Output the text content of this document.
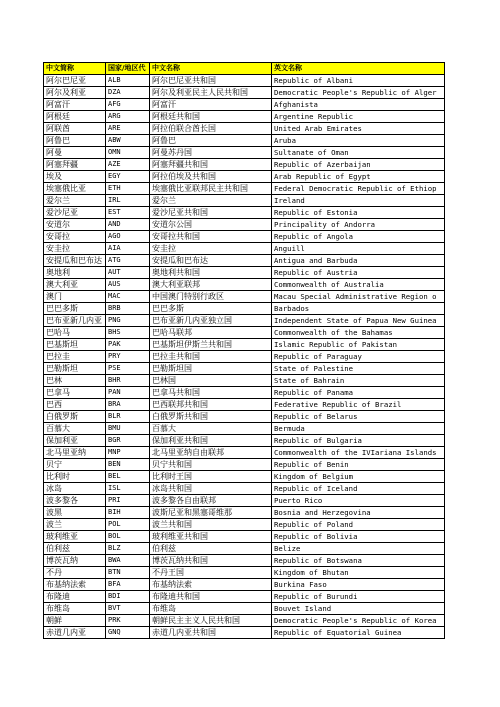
中文简称	国家/地区代	中文名称	英文名称
阿尔巴尼亚	ALB	阿尔巴尼亚共和国	Republic of Albani
阿尔及利亚	DZA	阿尔及利亚民主人民共和国	Democratic People's Republic of Alger
阿富汗	AFG	阿富汗	Afghanista
阿根廷	ARG	阿根廷共和国	Argentine Republic
阿联酋	ARE	阿拉伯联合酋长国	United Arab Emirates
阿鲁巴	ABW	阿鲁巴	Aruba
阿曼	OMN	阿曼苏丹国	Sultanate of Oman
阿塞拜疆	AZE	阿塞拜疆共和国	Republic of Azerbaijan
埃及	EGY	阿拉伯埃及共和国	Arab Republic of Egypt
埃塞俄比亚	ETH	埃塞俄比亚联邦民主共和国	Federal Democratic Republic of Ethiop
爱尔兰	IRL	爱尔兰	Ireland
爱沙尼亚	EST	爱沙尼亚共和国	Republic of Estonia
安道尔	AND	安道尔公国	Principality of Andorra
安哥拉	AGO	安哥拉共和国	Republic of Angola
安圭拉	AIA	安圭拉	Anguill
安提瓜和巴布达	ATG	安提瓜和巴布达	Antigua and Barbuda
奥地利	AUT	奥地利共和国	Republic of Austria
澳大利亚	AUS	澳大利亚联邦	Commonwealth of Australia
澳门	MAC	中国澳门特别行政区	Macau Special Administrative Region o
巴巴多斯	BRB	巴巴多斯	Barbados
巴布亚新几内亚	PNG	巴布亚新几内亚独立国	Independent State of Papua New Guinea
巴哈马	BHS	巴哈马联邦	Commonwealth of the Bahamas
巴基斯坦	PAK	巴基斯坦伊斯兰共和国	Islamic Republic of Pakistan
巴拉圭	PRY	巴拉圭共和国	Republic of Paraguay
巴勒斯坦	PSE	巴勒斯坦国	State of Palestine
巴林	BHR	巴林国	State of Bahrain
巴拿马	PAN	巴拿马共和国	Republic of Panama
巴西	BRA	巴西联邦共和国	Federative Republic of Brazil
白俄罗斯	BLR	白俄罗斯共和国	Republic of Belarus
百慕大	BMU	百慕大	Bermuda
保加利亚	BGR	保加利亚共和国	Republic of Bulgaria
北马里亚纳	MNP	北马里亚纳自由联邦	Commonwealth of the IVIariana Islands
贝宁	BEN	贝宁共和国	Republic of Benin
比利时	BEL	比利时王国	Kingdom of Belgium
冰岛	ISL	冰岛共和国	Republic of Iceland
波多黎各	PRI	波多黎各自由联邦	Puerto Rico
波黑	BIH	波斯尼亚和黑塞哥维那	Bosnia and Herzegovina
波兰	POL	波兰共和国	Republic of Poland
玻利维亚	BOL	玻利维亚共和国	Republic of Bolivia
伯利兹	BLZ	伯利兹	Belize
博茨瓦纳	BWA	博茨瓦纳共和国	Republic of Botswana
不丹	BTN	不丹王国	Kingdom of Bhutan
布基纳法索	BFA	布基纳法索	Burkina Faso
布隆迪	BDI	布隆迪共和国	Republic of Burundi
布维岛	BVT	布维岛	Bouvet Island
朝鲜	PRK	朝鲜民主主义人民共和国	Democratic People's Republic of Korea
赤道几内亚	GNQ	赤道几内亚共和国	Republic of Equatorial Guinea
